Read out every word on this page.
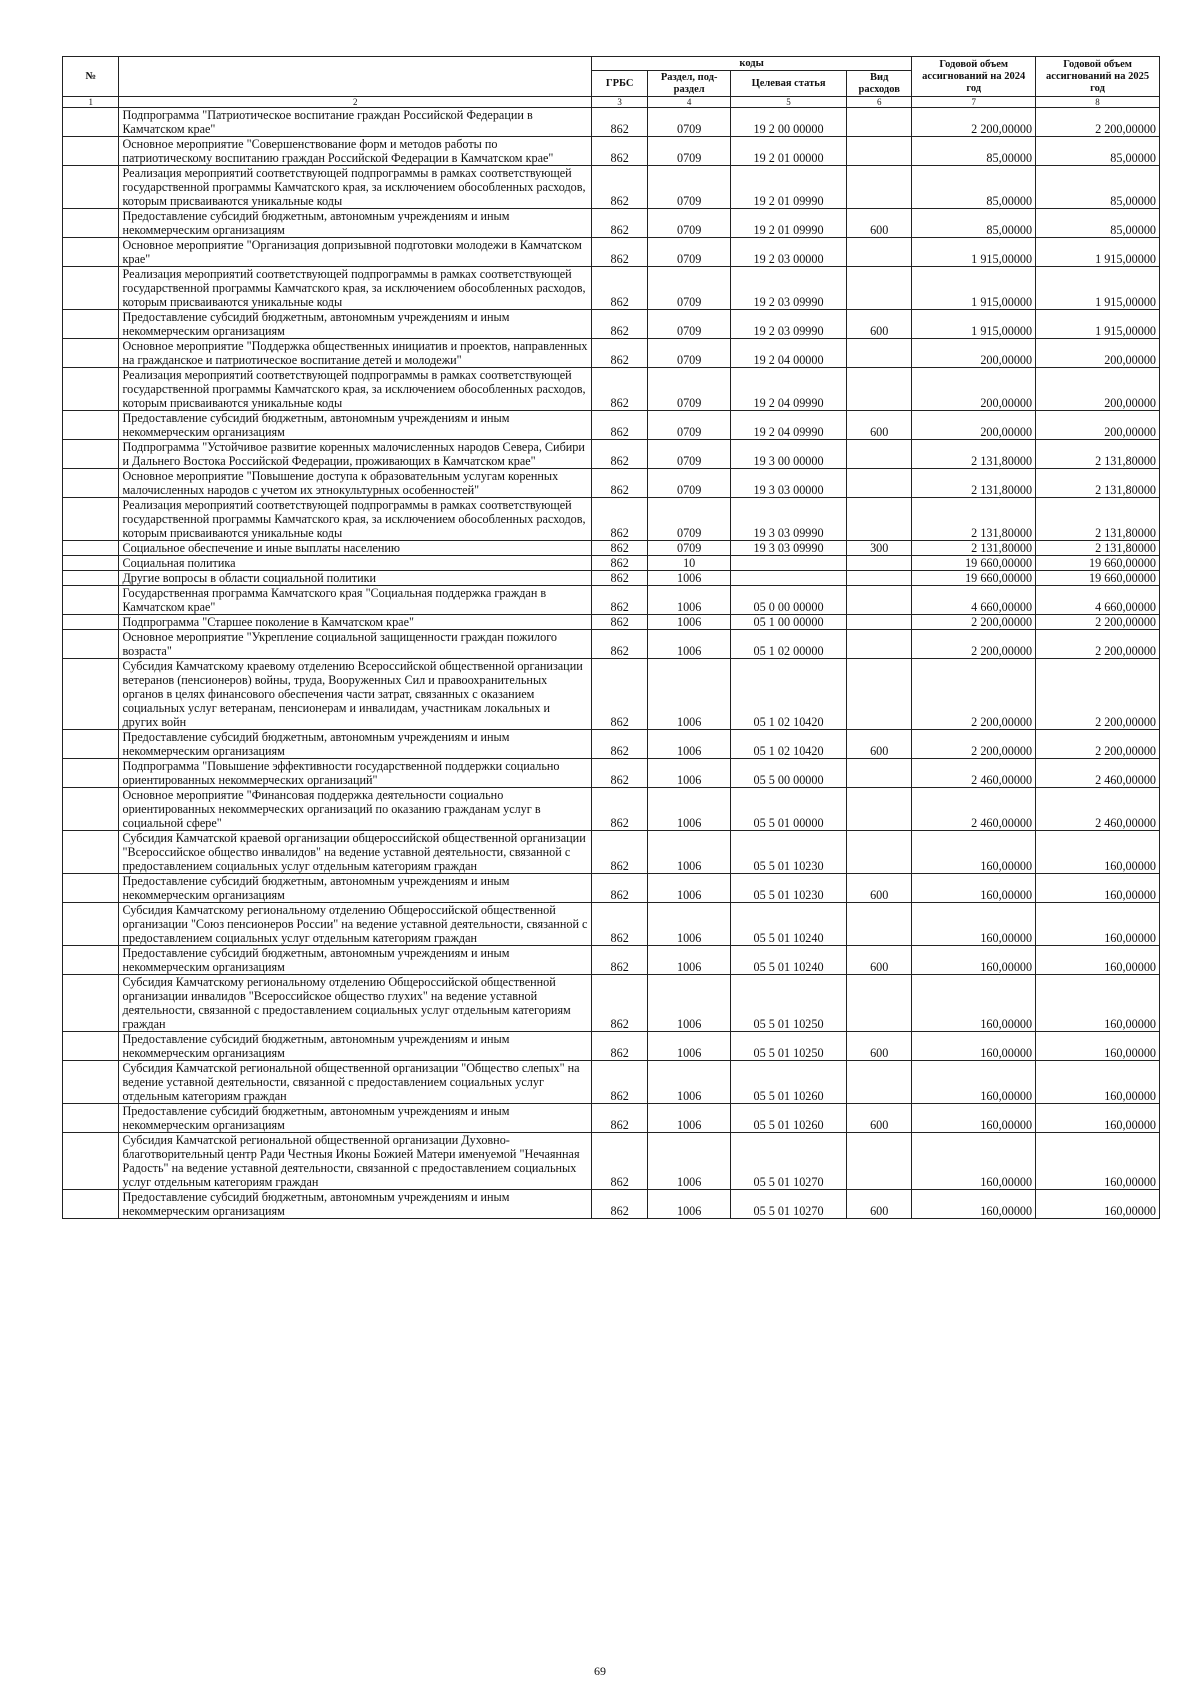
№		коды				Годовой объем ассигнований на 2024 год	Годовой объем ассигнований на 2025 год
		ГРБС	Раздел, под-раздел	Целевая статья	Вид расходов		
1	2	3	4	5	6	7	8
	Подпрограмма "Патриотическое воспитание граждан Российской Федерации в Камчатском крае"	862	0709	19 2 00 00000		2 200,00000	2 200,00000
	Основное мероприятие "Совершенствование форм и методов работы по патриотическому воспитанию граждан Российской Федерации в Камчатском крае"	862	0709	19 2 01 00000		85,00000	85,00000
	Реализация мероприятий соответствующей подпрограммы в рамках соответствующей государственной программы Камчатского края, за исключением обособленных расходов, которым присваиваются уникальные коды	862	0709	19 2 01 09990		85,00000	85,00000
	Предоставление субсидий бюджетным, автономным учреждениям и иным некоммерческим организациям	862	0709	19 2 01 09990	600	85,00000	85,00000
	Основное мероприятие "Организация допризывной подготовки молодежи в Камчатском крае"	862	0709	19 2 03 00000		1 915,00000	1 915,00000
	Реализация мероприятий соответствующей подпрограммы в рамках соответствующей государственной программы Камчатского края, за исключением обособленных расходов, которым присваиваются уникальные коды	862	0709	19 2 03 09990		1 915,00000	1 915,00000
	Предоставление субсидий бюджетным, автономным учреждениям и иным некоммерческим организациям	862	0709	19 2 03 09990	600	1 915,00000	1 915,00000
	Основное мероприятие "Поддержка общественных инициатив и проектов, направленных на гражданское и патриотическое воспитание детей и молодежи"	862	0709	19 2 04 00000		200,00000	200,00000
	Реализация мероприятий соответствующей подпрограммы в рамках соответствующей государственной программы Камчатского края, за исключением обособленных расходов, которым присваиваются уникальные коды	862	0709	19 2 04 09990		200,00000	200,00000
	Предоставление субсидий бюджетным, автономным учреждениям и иным некоммерческим организациям	862	0709	19 2 04 09990	600	200,00000	200,00000
	Подпрограмма "Устойчивое развитие коренных малочисленных народов Севера, Сибири и Дальнего Востока Российской Федерации, проживающих в Камчатском крае"	862	0709	19 3 00 00000		2 131,80000	2 131,80000
	Основное мероприятие "Повышение доступа к образовательным услугам коренных малочисленных народов с учетом их этнокультурных особенностей"	862	0709	19 3 03 00000		2 131,80000	2 131,80000
	Реализация мероприятий соответствующей подпрограммы в рамках соответствующей государственной программы Камчатского края, за исключением обособленных расходов, которым присваиваются уникальные коды	862	0709	19 3 03 09990		2 131,80000	2 131,80000
	Социальное обеспечение и иные выплаты населению	862	0709	19 3 03 09990	300	2 131,80000	2 131,80000
	Социальная политика	862	10			19 660,00000	19 660,00000
	Другие вопросы в области социальной политики	862	1006			19 660,00000	19 660,00000
	Государственная программа Камчатского края "Социальная поддержка граждан в Камчатском крае"	862	1006	05 0 00 00000		4 660,00000	4 660,00000
	Подпрограмма "Старшее поколение в Камчатском крае"	862	1006	05 1 00 00000		2 200,00000	2 200,00000
	Основное мероприятие "Укрепление социальной защищенности граждан пожилого возраста"	862	1006	05 1 02 00000		2 200,00000	2 200,00000
	Субсидия Камчатскому краевому отделению Всероссийской общественной организации ветеранов (пенсионеров) войны, труда, Вооруженных Сил и правоохранительных органов в целях финансового обеспечения части затрат, связанных с оказанием социальных услуг ветеранам, пенсионерам и инвалидам, участникам локальных и других войн	862	1006	05 1 02 10420		2 200,00000	2 200,00000
	Предоставление субсидий бюджетным, автономным учреждениям и иным некоммерческим организациям	862	1006	05 1 02 10420	600	2 200,00000	2 200,00000
	Подпрограмма "Повышение эффективности государственной поддержки социально ориентированных некоммерческих организаций"	862	1006	05 5 00 00000		2 460,00000	2 460,00000
	Основное мероприятие "Финансовая поддержка деятельности социально ориентированных некоммерческих организаций по оказанию гражданам услуг в социальной сфере"	862	1006	05 5 01 00000		2 460,00000	2 460,00000
	Субсидия Камчатской краевой организации общероссийской общественной организации "Всероссийское общество инвалидов" на ведение уставной деятельности, связанной с предоставлением социальных услуг отдельным категориям граждан	862	1006	05 5 01 10230		160,00000	160,00000
	Предоставление субсидий бюджетным, автономным учреждениям и иным некоммерческим организациям	862	1006	05 5 01 10230	600	160,00000	160,00000
	Субсидия Камчатскому региональному отделению Общероссийской общественной организации "Союз пенсионеров России" на ведение уставной деятельности, связанной с предоставлением социальных услуг отдельным категориям граждан	862	1006	05 5 01 10240		160,00000	160,00000
	Предоставление субсидий бюджетным, автономным учреждениям и иным некоммерческим организациям	862	1006	05 5 01 10240	600	160,00000	160,00000
	Субсидия Камчатскому региональному отделению Общероссийской общественной организации инвалидов "Всероссийское общество глухих" на ведение уставной деятельности, связанной с предоставлением социальных услуг отдельным категориям граждан	862	1006	05 5 01 10250		160,00000	160,00000
	Предоставление субсидий бюджетным, автономным учреждениям и иным некоммерческим организациям	862	1006	05 5 01 10250	600	160,00000	160,00000
	Субсидия Камчатской региональной общественной организации "Общество слепых" на ведение уставной деятельности, связанной с предоставлением социальных услуг отдельным категориям граждан	862	1006	05 5 01 10260		160,00000	160,00000
	Предоставление субсидий бюджетным, автономным учреждениям и иным некоммерческим организациям	862	1006	05 5 01 10260	600	160,00000	160,00000
	Субсидия Камчатской региональной общественной организации Духовно-благотворительный центр Ради Честныя Иконы Божией Матери именуемой "Нечаянная Радость" на ведение уставной деятельности, связанной с предоставлением социальных услуг отдельным категориям граждан	862	1006	05 5 01 10270		160,00000	160,00000
	Предоставление субсидий бюджетным, автономным учреждениям и иным некоммерческим организациям	862	1006	05 5 01 10270	600	160,00000	160,00000
69
